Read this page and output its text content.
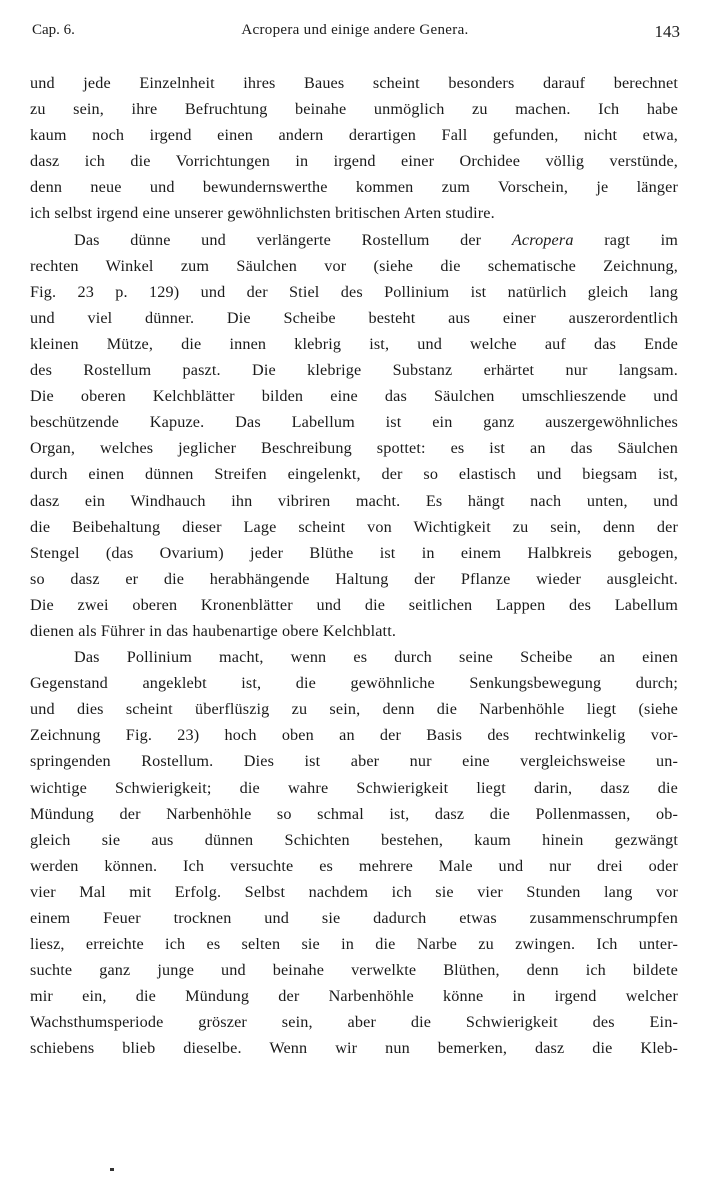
Cap. 6.	Acropera und einige andere Genera.	143
und jede Einzelnheit ihres Baues scheint besonders darauf berechnet
zu sein, ihre Befruchtung beinahe unmöglich zu machen. Ich habe
kaum noch irgend einen andern derartigen Fall gefunden, nicht etwa,
dasz ich die Vorrichtungen in irgend einer Orchidee völlig verstünde,
denn neue und bewundernswerthe kommen zum Vorschein, je länger
ich selbst irgend eine unserer gewöhnlichsten britischen Arten studire.
Das dünne und verlängerte Rostellum der Acropera ragt im
rechten Winkel zum Säulchen vor (siehe die schematische Zeichnung,
Fig. 23 p. 129) und der Stiel des Pollinium ist natürlich gleich lang
und viel dünner. Die Scheibe besteht aus einer auszerordentlich
kleinen Mütze, die innen klebrig ist, und welche auf das Ende
des Rostellum paszt. Die klebrige Substanz erhärtet nur langsam.
Die oberen Kelchblätter bilden eine das Säulchen umschlieszende und
beschützende Kapuze. Das Labellum ist ein ganz auszergewöhnliches
Organ, welches jeglicher Beschreibung spottet: es ist an das Säulchen
durch einen dünnen Streifen eingelenkt, der so elastisch und biegsam ist,
dasz ein Windhauch ihn vibriren macht. Es hängt nach unten, und
die Beibehaltung dieser Lage scheint von Wichtigkeit zu sein, denn der
Stengel (das Ovarium) jeder Blüthe ist in einem Halbkreis gebogen,
so dasz er die herabhängende Haltung der Pflanze wieder ausgleicht.
Die zwei oberen Kronenblätter und die seitlichen Lappen des Labellum
dienen als Führer in das haubenartige obere Kelchblatt.
Das Pollinium macht, wenn es durch seine Scheibe an einen
Gegenstand angeklebt ist, die gewöhnliche Senkungsbewegung durch;
und dies scheint überflüszig zu sein, denn die Narbenhöhle liegt (siehe
Zeichnung Fig. 23) hoch oben an der Basis des rechtwinkelig vor-
springenden Rostellum. Dies ist aber nur eine vergleichsweise un-
wichtige Schwierigkeit; die wahre Schwierigkeit liegt darin, dasz die
Mündung der Narbenhöhle so schmal ist, dasz die Pollenmassen, ob-
gleich sie aus dünnen Schichten bestehen, kaum hinein gezwängt
werden können. Ich versuchte es mehrere Male und nur drei oder
vier Mal mit Erfolg. Selbst nachdem ich sie vier Stunden lang vor
einem Feuer trocknen und sie dadurch etwas zusammenschrumpfen
liesz, erreichte ich es selten sie in die Narbe zu zwingen. Ich unter-
suchte ganz junge und beinahe verwelkte Blüthen, denn ich bildete
mir ein, die Mündung der Narbenhöhle könne in irgend welcher
Wachsthumsperiode gröszer sein, aber die Schwierigkeit des Ein-
schiebens blieb dieselbe. Wenn wir nun bemerken, dasz die Kleb-
